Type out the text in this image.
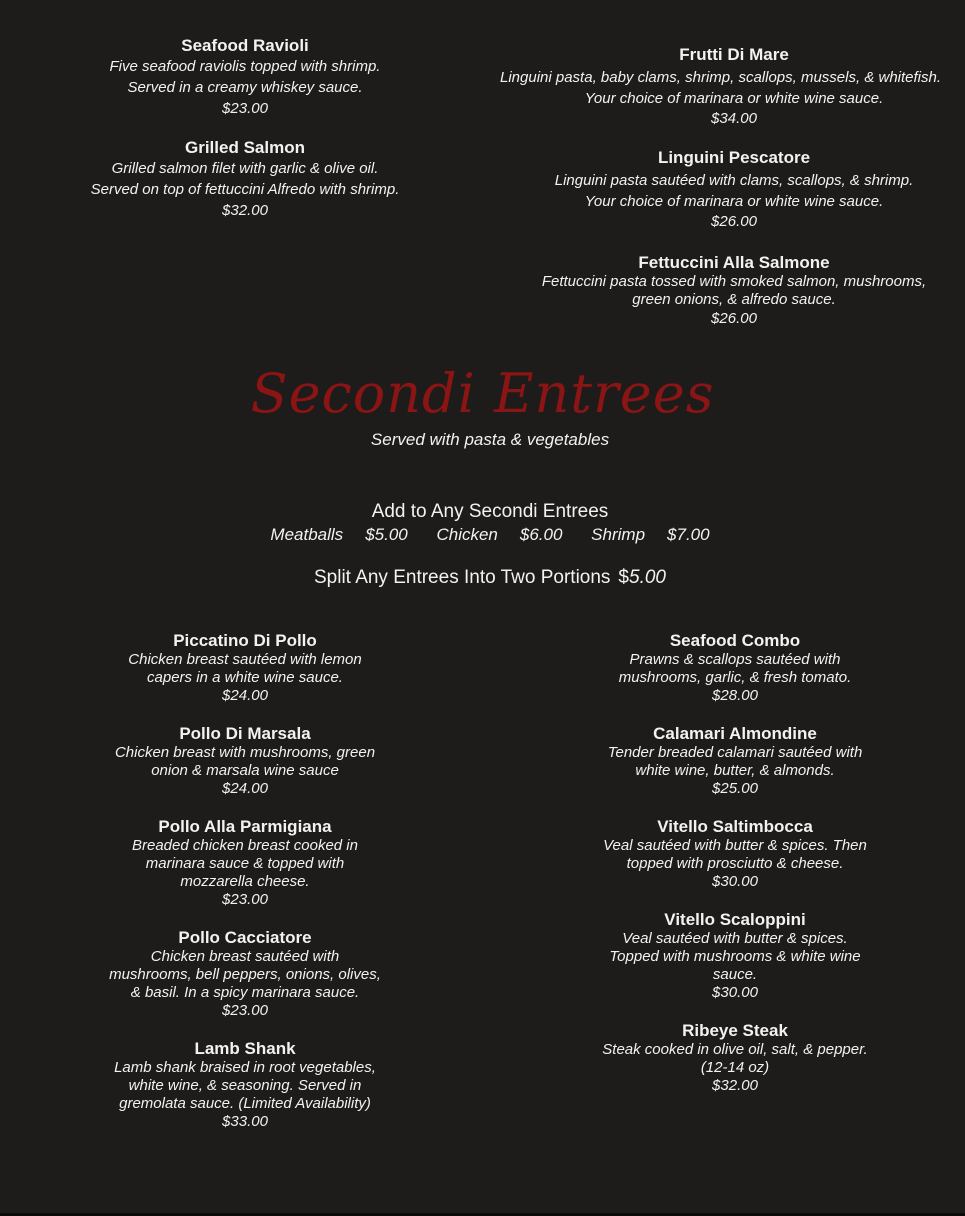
Seafood Ravioli
Five seafood raviolis topped with shrimp.
Served in a creamy whiskey sauce.
$23.00
Grilled Salmon
Grilled salmon filet with garlic & olive oil.
Served on top of fettuccini Alfredo with shrimp.
$32.00
Frutti Di Mare
Linguini pasta, baby clams, shrimp, scallops, mussels, & whitefish.
Your choice of marinara or white wine sauce.
$34.00
Linguini Pescatore
Linguini pasta sautéed with clams, scallops, & shrimp.
Your choice of marinara or white wine sauce.
$26.00
Fettuccini Alla Salmone
Fettuccini pasta tossed with smoked salmon, mushrooms,
green onions, & alfredo sauce.
$26.00
Secondi Entrees
Served with pasta & vegetables
Add to Any Secondi Entrees
Meatballs $5.00 Chicken $6.00 Shrimp $7.00
Split Any Entrees Into Two Portions $5.00
Piccatino Di Pollo
Chicken breast sautéed with lemon
capers in a white wine sauce.
$24.00
Pollo Di Marsala
Chicken breast with mushrooms, green
onion & marsala wine sauce
$24.00
Pollo Alla Parmigiana
Breaded chicken breast cooked in
marinara sauce & topped with
mozzarella cheese.
$23.00
Pollo Cacciatore
Chicken breast sautéed with
mushrooms, bell peppers, onions, olives,
& basil. In a spicy marinara sauce.
$23.00
Lamb Shank
Lamb shank braised in root vegetables,
white wine, & seasoning. Served in
gremolata sauce. (Limited Availability)
$33.00
Seafood Combo
Prawns & scallops sautéed with
mushrooms, garlic, & fresh tomato.
$28.00
Calamari Almondine
Tender breaded calamari sautéed with
white wine, butter, & almonds.
$25.00
Vitello Saltimbocca
Veal sautéed with butter & spices. Then
topped with prosciutto & cheese.
$30.00
Vitello Scaloppini
Veal sautéed with butter & spices.
Topped with mushrooms & white wine
sauce.
$30.00
Ribeye Steak
Steak cooked in olive oil, salt, & pepper.
(12-14 oz)
$32.00
